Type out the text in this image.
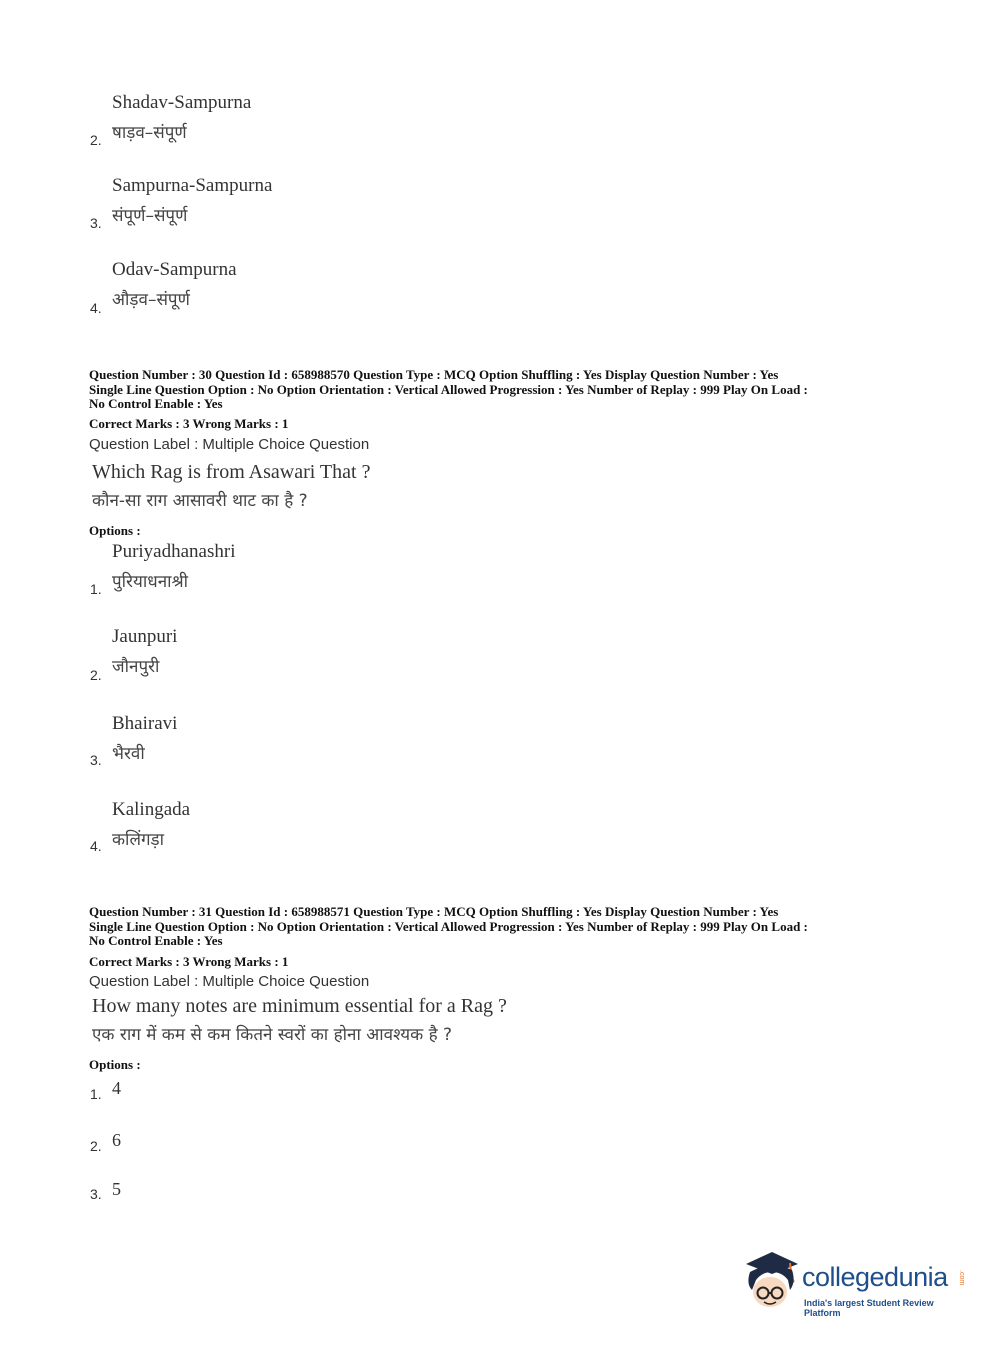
Shadav-Sampurna
षाड़व–संपूर्ण
2.
Sampurna-Sampurna
संपूर्ण–संपूर्ण
3.
Odav-Sampurna
औड़व–संपूर्ण
4.
Question Number : 30 Question Id : 658988570 Question Type : MCQ Option Shuffling : Yes Display Question Number : Yes
Single Line Question Option : No Option Orientation : Vertical Allowed Progression : Yes Number of Replay : 999 Play On Load :
No Control Enable : Yes
Correct Marks : 3 Wrong Marks : 1
Question Label : Multiple Choice Question
Which Rag is from Asawari That ?
कौन-सा राग आसावरी थाट का है ?
Options :
Puriyadhanashri
पुरियाधनाश्री
1.
Jaunpuri
जौनपुरी
2.
Bhairavi
भैरवी
3.
Kalingada
कलिंगड़ा
4.
Question Number : 31 Question Id : 658988571 Question Type : MCQ Option Shuffling : Yes Display Question Number : Yes
Single Line Question Option : No Option Orientation : Vertical Allowed Progression : Yes Number of Replay : 999 Play On Load :
No Control Enable : Yes
Correct Marks : 3 Wrong Marks : 1
Question Label : Multiple Choice Question
How many notes are minimum essential for a Rag ?
एक राग में कम से कम कितने स्वरों का होना आवश्यक है ?
Options :
4
1.
6
2.
5
3.
collegedunia .com
India's largest Student Review Platform
